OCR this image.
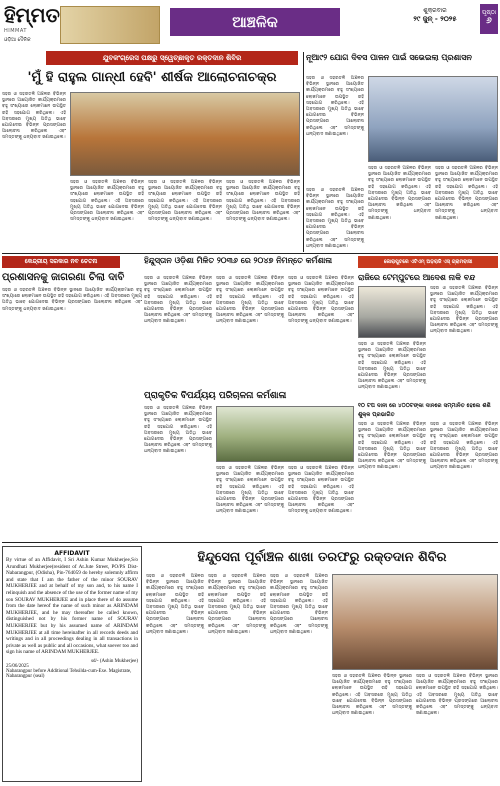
ହିମ୍ମତ
HIMMAT
ଓଡ଼ିଆ ଦୈନିକ
ଆଞ୍ଚଳିକ
ଶୁକ୍ରବାର
୨୯ ଜୁନ୍ - ୨୦୨୫
ପୃଷ୍ଠା
୬
ଯୁବକଂଗ୍ରେସ ପକ୍ଷରୁ ସ୍ୱେଚ୍ଛାକୃତ ରକ୍ତଦାନ ଶିବିର
'ମୁଁ ହି ରାହୁଲ ଗାନ୍ଧୀ ହେବି' ଶୀର୍ଷକ ଆଲୋଚନାଚକ୍ର
ସହର ଓ ସହରତଳି ଅଞ୍ଚଳର ବିଭିନ୍ନ ସ୍ଥାନରେ ଆୟୋଜିତ କାର୍ଯ୍ୟକ୍ରମରେ ବହୁ ସଂଖ୍ୟାରେ ଲୋକମାନେ ଉପସ୍ଥିତ ରହି ସହଯୋଗ କରିଥିଲେ। ଏହି ଅବସରରେ ମୁଖ୍ୟ ଅତିଥି ଭାବେ ଯୋଗଦେଇ ବିଭିନ୍ନ ପ୍ରସଙ୍ଗରେ ଆଲୋଚନା କରିଥିଲେ ଏବଂ ସମସ୍ତଙ୍କୁ ଧନ୍ୟବାଦ ଜଣାଇଥିଲେ।
ସହର ଓ ସହରତଳି ଅଞ୍ଚଳର ବିଭିନ୍ନ ସ୍ଥାନରେ ଆୟୋଜିତ କାର୍ଯ୍ୟକ୍ରମରେ ବହୁ ସଂଖ୍ୟାରେ ଲୋକମାନେ ଉପସ୍ଥିତ ରହି ସହଯୋଗ କରିଥିଲେ। ଏହି ଅବସରରେ ମୁଖ୍ୟ ଅତିଥି ଭାବେ ଯୋଗଦେଇ ବିଭିନ୍ନ ପ୍ରସଙ୍ଗରେ ଆଲୋଚନା କରିଥିଲେ ଏବଂ ସମସ୍ତଙ୍କୁ ଧନ୍ୟବାଦ ଜଣାଇଥିଲେ।
ସହର ଓ ସହରତଳି ଅଞ୍ଚଳର ବିଭିନ୍ନ ସ୍ଥାନରେ ଆୟୋଜିତ କାର୍ଯ୍ୟକ୍ରମରେ ବହୁ ସଂଖ୍ୟାରେ ଲୋକମାନେ ଉପସ୍ଥିତ ରହି ସହଯୋଗ କରିଥିଲେ। ଏହି ଅବସରରେ ମୁଖ୍ୟ ଅତିଥି ଭାବେ ଯୋଗଦେଇ ବିଭିନ୍ନ ପ୍ରସଙ୍ଗରେ ଆଲୋଚନା କରିଥିଲେ ଏବଂ ସମସ୍ତଙ୍କୁ ଧନ୍ୟବାଦ ଜଣାଇଥିଲେ।
ସହର ଓ ସହରତଳି ଅଞ୍ଚଳର ବିଭିନ୍ନ ସ୍ଥାନରେ ଆୟୋଜିତ କାର୍ଯ୍ୟକ୍ରମରେ ବହୁ ସଂଖ୍ୟାରେ ଲୋକମାନେ ଉପସ୍ଥିତ ରହି ସହଯୋଗ କରିଥିଲେ। ଏହି ଅବସରରେ ମୁଖ୍ୟ ଅତିଥି ଭାବେ ଯୋଗଦେଇ ବିଭିନ୍ନ ପ୍ରସଙ୍ଗରେ ଆଲୋଚନା କରିଥିଲେ ଏବଂ ସମସ୍ତଙ୍କୁ ଧନ୍ୟବାଦ ଜଣାଇଥିଲେ।
ନୂଆ୯୨ ଯୋଗ ଦିବସ ପାଳନ ପାଇଁ ସଭେଇଲା ପ୍ରଶାସନ
ସହର ଓ ସହରତଳି ଅଞ୍ଚଳର ବିଭିନ୍ନ ସ୍ଥାନରେ ଆୟୋଜିତ କାର୍ଯ୍ୟକ୍ରମରେ ବହୁ ସଂଖ୍ୟାରେ ଲୋକମାନେ ଉପସ୍ଥିତ ରହି ସହଯୋଗ କରିଥିଲେ। ଏହି ଅବସରରେ ମୁଖ୍ୟ ଅତିଥି ଭାବେ ଯୋଗଦେଇ ବିଭିନ୍ନ ପ୍ରସଙ୍ଗରେ ଆଲୋଚନା କରିଥିଲେ ଏବଂ ସମସ୍ତଙ୍କୁ ଧନ୍ୟବାଦ ଜଣାଇଥିଲେ।
ସହର ଓ ସହରତଳି ଅଞ୍ଚଳର ବିଭିନ୍ନ ସ୍ଥାନରେ ଆୟୋଜିତ କାର୍ଯ୍ୟକ୍ରମରେ ବହୁ ସଂଖ୍ୟାରେ ଲୋକମାନେ ଉପସ୍ଥିତ ରହି ସହଯୋଗ କରିଥିଲେ। ଏହି ଅବସରରେ ମୁଖ୍ୟ ଅତିଥି ଭାବେ ଯୋଗଦେଇ ବିଭିନ୍ନ ପ୍ରସଙ୍ଗରେ ଆଲୋଚନା କରିଥିଲେ ଏବଂ ସମସ୍ତଙ୍କୁ ଧନ୍ୟବାଦ ଜଣାଇଥିଲେ।
ସହର ଓ ସହରତଳି ଅଞ୍ଚଳର ବିଭିନ୍ନ ସ୍ଥାନରେ ଆୟୋଜିତ କାର୍ଯ୍ୟକ୍ରମରେ ବହୁ ସଂଖ୍ୟାରେ ଲୋକମାନେ ଉପସ୍ଥିତ ରହି ସହଯୋଗ କରିଥିଲେ। ଏହି ଅବସରରେ ମୁଖ୍ୟ ଅତିଥି ଭାବେ ଯୋଗଦେଇ ବିଭିନ୍ନ ପ୍ରସଙ୍ଗରେ ଆଲୋଚନା କରିଥିଲେ ଏବଂ ସମସ୍ତଙ୍କୁ ଧନ୍ୟବାଦ ଜଣାଇଥିଲେ।
ସହର ଓ ସହରତଳି ଅଞ୍ଚଳର ବିଭିନ୍ନ ସ୍ଥାନରେ ଆୟୋଜିତ କାର୍ଯ୍ୟକ୍ରମରେ ବହୁ ସଂଖ୍ୟାରେ ଲୋକମାନେ ଉପସ୍ଥିତ ରହି ସହଯୋଗ କରିଥିଲେ। ଏହି ଅବସରରେ ମୁଖ୍ୟ ଅତିଥି ଭାବେ ଯୋଗଦେଇ ବିଭିନ୍ନ ପ୍ରସଙ୍ଗରେ ଆଲୋଚନା କରିଥିଲେ ଏବଂ ସମସ୍ତଙ୍କୁ ଧନ୍ୟବାଦ ଜଣାଇଥିଲେ।
କେନ୍ଦ୍ରୀୟ ସରକାର ନବ ଚେତନା
ପ୍ରଶାସନକୁ ଜାଗରଣା ଚିଲା ଦାବି
ସହର ଓ ସହରତଳି ଅଞ୍ଚଳର ବିଭିନ୍ନ ସ୍ଥାନରେ ଆୟୋଜିତ କାର୍ଯ୍ୟକ୍ରମରେ ବହୁ ସଂଖ୍ୟାରେ ଲୋକମାନେ ଉପସ୍ଥିତ ରହି ସହଯୋଗ କରିଥିଲେ। ଏହି ଅବସରରେ ମୁଖ୍ୟ ଅତିଥି ଭାବେ ଯୋଗଦେଇ ବିଭିନ୍ନ ପ୍ରସଙ୍ଗରେ ଆଲୋଚନା କରିଥିଲେ ଏବଂ ସମସ୍ତଙ୍କୁ ଧନ୍ୟବାଦ ଜଣାଇଥିଲେ।
ହିନ୍ଦୁସ୍ତାନ ଓଡ଼ିଶା ମିଳିତ ୨୦୩୬ ରେ ୨୦୪୭ ନିମନ୍ତେ କର୍ମଶାଳା
ସହର ଓ ସହରତଳି ଅଞ୍ଚଳର ବିଭିନ୍ନ ସ୍ଥାନରେ ଆୟୋଜିତ କାର୍ଯ୍ୟକ୍ରମରେ ବହୁ ସଂଖ୍ୟାରେ ଲୋକମାନେ ଉପସ୍ଥିତ ରହି ସହଯୋଗ କରିଥିଲେ। ଏହି ଅବସରରେ ମୁଖ୍ୟ ଅତିଥି ଭାବେ ଯୋଗଦେଇ ବିଭିନ୍ନ ପ୍ରସଙ୍ଗରେ ଆଲୋଚନା କରିଥିଲେ ଏବଂ ସମସ୍ତଙ୍କୁ ଧନ୍ୟବାଦ ଜଣାଇଥିଲେ।
ସହର ଓ ସହରତଳି ଅଞ୍ଚଳର ବିଭିନ୍ନ ସ୍ଥାନରେ ଆୟୋଜିତ କାର୍ଯ୍ୟକ୍ରମରେ ବହୁ ସଂଖ୍ୟାରେ ଲୋକମାନେ ଉପସ୍ଥିତ ରହି ସହଯୋଗ କରିଥିଲେ। ଏହି ଅବସରରେ ମୁଖ୍ୟ ଅତିଥି ଭାବେ ଯୋଗଦେଇ ବିଭିନ୍ନ ପ୍ରସଙ୍ଗରେ ଆଲୋଚନା କରିଥିଲେ ଏବଂ ସମସ୍ତଙ୍କୁ ଧନ୍ୟବାଦ ଜଣାଇଥିଲେ।
ସହର ଓ ସହରତଳି ଅଞ୍ଚଳର ବିଭିନ୍ନ ସ୍ଥାନରେ ଆୟୋଜିତ କାର୍ଯ୍ୟକ୍ରମରେ ବହୁ ସଂଖ୍ୟାରେ ଲୋକମାନେ ଉପସ୍ଥିତ ରହି ସହଯୋଗ କରିଥିଲେ। ଏହି ଅବସରରେ ମୁଖ୍ୟ ଅତିଥି ଭାବେ ଯୋଗଦେଇ ବିଭିନ୍ନ ପ୍ରସଙ୍ଗରେ ଆଲୋଚନା କରିଥିଲେ ଏବଂ ସମସ୍ତଙ୍କୁ ଧନ୍ୟବାଦ ଜଣାଇଥିଲେ।
କୋରାପୁଟରେ ଏଟିଏମ୍ ଅଡ଼ରାଜି ଏସ୍ ଗ୍ରାମବାସୀ
ରାଜିରେ ଟେମ୍ପୁଟରେ ଆଦେଶ ନାକି ବନ୍ଦ
ସହର ଓ ସହରତଳି ଅଞ୍ଚଳର ବିଭିନ୍ନ ସ୍ଥାନରେ ଆୟୋଜିତ କାର୍ଯ୍ୟକ୍ରମରେ ବହୁ ସଂଖ୍ୟାରେ ଲୋକମାନେ ଉପସ୍ଥିତ ରହି ସହଯୋଗ କରିଥିଲେ। ଏହି ଅବସରରେ ମୁଖ୍ୟ ଅତିଥି ଭାବେ ଯୋଗଦେଇ ବିଭିନ୍ନ ପ୍ରସଙ୍ଗରେ ଆଲୋଚନା କରିଥିଲେ ଏବଂ ସମସ୍ତଙ୍କୁ ଧନ୍ୟବାଦ ଜଣାଇଥିଲେ।
ସହର ଓ ସହରତଳି ଅଞ୍ଚଳର ବିଭିନ୍ନ ସ୍ଥାନରେ ଆୟୋଜିତ କାର୍ଯ୍ୟକ୍ରମରେ ବହୁ ସଂଖ୍ୟାରେ ଲୋକମାନେ ଉପସ୍ଥିତ ରହି ସହଯୋଗ କରିଥିଲେ। ଏହି ଅବସରରେ ମୁଖ୍ୟ ଅତିଥି ଭାବେ ଯୋଗଦେଇ ବିଭିନ୍ନ ପ୍ରସଙ୍ଗରେ ଆଲୋଚନା କରିଥିଲେ ଏବଂ ସମସ୍ତଙ୍କୁ ଧନ୍ୟବାଦ ଜଣାଇଥିଲେ।
ପ୍ରାକୃତିକ ବିପର୍ଯ୍ୟୟ ପରିଚାଳନା କର୍ମଶାଳା
ସହର ଓ ସହରତଳି ଅଞ୍ଚଳର ବିଭିନ୍ନ ସ୍ଥାନରେ ଆୟୋଜିତ କାର୍ଯ୍ୟକ୍ରମରେ ବହୁ ସଂଖ୍ୟାରେ ଲୋକମାନେ ଉପସ୍ଥିତ ରହି ସହଯୋଗ କରିଥିଲେ। ଏହି ଅବସରରେ ମୁଖ୍ୟ ଅତିଥି ଭାବେ ଯୋଗଦେଇ ବିଭିନ୍ନ ପ୍ରସଙ୍ଗରେ ଆଲୋଚନା କରିଥିଲେ ଏବଂ ସମସ୍ତଙ୍କୁ ଧନ୍ୟବାଦ ଜଣାଇଥିଲେ।
ସହର ଓ ସହରତଳି ଅଞ୍ଚଳର ବିଭିନ୍ନ ସ୍ଥାନରେ ଆୟୋଜିତ କାର୍ଯ୍ୟକ୍ରମରେ ବହୁ ସଂଖ୍ୟାରେ ଲୋକମାନେ ଉପସ୍ଥିତ ରହି ସହଯୋଗ କରିଥିଲେ। ଏହି ଅବସରରେ ମୁଖ୍ୟ ଅତିଥି ଭାବେ ଯୋଗଦେଇ ବିଭିନ୍ନ ପ୍ରସଙ୍ଗରେ ଆଲୋଚନା କରିଥିଲେ ଏବଂ ସମସ୍ତଙ୍କୁ ଧନ୍ୟବାଦ ଜଣାଇଥିଲେ।
ସହର ଓ ସହରତଳି ଅଞ୍ଚଳର ବିଭିନ୍ନ ସ୍ଥାନରେ ଆୟୋଜିତ କାର୍ଯ୍ୟକ୍ରମରେ ବହୁ ସଂଖ୍ୟାରେ ଲୋକମାନେ ଉପସ୍ଥିତ ରହି ସହଯୋଗ କରିଥିଲେ। ଏହି ଅବସରରେ ମୁଖ୍ୟ ଅତିଥି ଭାବେ ଯୋଗଦେଇ ବିଭିନ୍ନ ପ୍ରସଙ୍ଗରେ ଆଲୋଚନା କରିଥିଲେ ଏବଂ ସମସ୍ତଙ୍କୁ ଧନ୍ୟବାଦ ଜଣାଇଥିଲେ।
୧୦ ଟପ ଦାନୀ ରେ ୪୦୦ଟଙ୍କା ଦାନରେ ସମ୍ମାନିତ ହେଲେ ଶଶି ଶୁକ୍ଳ ପ୍ରଭାଗିତ
ସହର ଓ ସହରତଳି ଅଞ୍ଚଳର ବିଭିନ୍ନ ସ୍ଥାନରେ ଆୟୋଜିତ କାର୍ଯ୍ୟକ୍ରମରେ ବହୁ ସଂଖ୍ୟାରେ ଲୋକମାନେ ଉପସ୍ଥିତ ରହି ସହଯୋଗ କରିଥିଲେ। ଏହି ଅବସରରେ ମୁଖ୍ୟ ଅତିଥି ଭାବେ ଯୋଗଦେଇ ବିଭିନ୍ନ ପ୍ରସଙ୍ଗରେ ଆଲୋଚନା କରିଥିଲେ ଏବଂ ସମସ୍ତଙ୍କୁ ଧନ୍ୟବାଦ ଜଣାଇଥିଲେ।
ସହର ଓ ସହରତଳି ଅଞ୍ଚଳର ବିଭିନ୍ନ ସ୍ଥାନରେ ଆୟୋଜିତ କାର୍ଯ୍ୟକ୍ରମରେ ବହୁ ସଂଖ୍ୟାରେ ଲୋକମାନେ ଉପସ୍ଥିତ ରହି ସହଯୋଗ କରିଥିଲେ। ଏହି ଅବସରରେ ମୁଖ୍ୟ ଅତିଥି ଭାବେ ଯୋଗଦେଇ ବିଭିନ୍ନ ପ୍ରସଙ୍ଗରେ ଆଲୋଚନା କରିଥିଲେ ଏବଂ ସମସ୍ତଙ୍କୁ ଧନ୍ୟବାଦ ଜଣାଇଥିଲେ।
AFFIDAVIT
By virtue of an Affidavit, I Sri Ashin Kumar Mukherjee,S/o Arundhati Mukherjee(resident of At.Jute Street, PO/PS Dist-Nabarangpur, (Odisha), Pin-764059 do hereby solemnly affirm and state that I am the father of the minor SOURAV MUKHERJEE and at behalf of my son and, to his name I relinquish and the absence of the use of the former name of my son SOURAV MUKHERJEE and in place there of do assume from the date hereof the name of such minor as ARINDAM MUKHERJEE, and he may thereafter be called known, distinguished not by his former name of SOURAV MUKHERJEE but by his assumed name of ARINDAM MUKHERJEE at all time hereinafter in all records deeds and writings and in all proceedings dealing in all transactions in private as well as public and all occasions, what soever too and sign his name of ARINDAM MUKHERJEE.
sd/- (Ashin Mukherjee)
25/06/2025
Nabarangpur before Additional Tehsilda-cum-Exe. Magistrate, Nabarangpur (seal)
ହିନ୍ଦୁସେନା ପୂର୍ବାଞ୍ଚଳ ଶାଖା ତରଫରୁ ରକ୍ତଦାନ ଶିବିର
ସହର ଓ ସହରତଳି ଅଞ୍ଚଳର ବିଭିନ୍ନ ସ୍ଥାନରେ ଆୟୋଜିତ କାର୍ଯ୍ୟକ୍ରମରେ ବହୁ ସଂଖ୍ୟାରେ ଲୋକମାନେ ଉପସ୍ଥିତ ରହି ସହଯୋଗ କରିଥିଲେ। ଏହି ଅବସରରେ ମୁଖ୍ୟ ଅତିଥି ଭାବେ ଯୋଗଦେଇ ବିଭିନ୍ନ ପ୍ରସଙ୍ଗରେ ଆଲୋଚନା କରିଥିଲେ ଏବଂ ସମସ୍ତଙ୍କୁ ଧନ୍ୟବାଦ ଜଣାଇଥିଲେ।
ସହର ଓ ସହରତଳି ଅଞ୍ଚଳର ବିଭିନ୍ନ ସ୍ଥାନରେ ଆୟୋଜିତ କାର୍ଯ୍ୟକ୍ରମରେ ବହୁ ସଂଖ୍ୟାରେ ଲୋକମାନେ ଉପସ୍ଥିତ ରହି ସହଯୋଗ କରିଥିଲେ। ଏହି ଅବସରରେ ମୁଖ୍ୟ ଅତିଥି ଭାବେ ଯୋଗଦେଇ ବିଭିନ୍ନ ପ୍ରସଙ୍ଗରେ ଆଲୋଚନା କରିଥିଲେ ଏବଂ ସମସ୍ତଙ୍କୁ ଧନ୍ୟବାଦ ଜଣାଇଥିଲେ।
ସହର ଓ ସହରତଳି ଅଞ୍ଚଳର ବିଭିନ୍ନ ସ୍ଥାନରେ ଆୟୋଜିତ କାର୍ଯ୍ୟକ୍ରମରେ ବହୁ ସଂଖ୍ୟାରେ ଲୋକମାନେ ଉପସ୍ଥିତ ରହି ସହଯୋଗ କରିଥିଲେ। ଏହି ଅବସରରେ ମୁଖ୍ୟ ଅତିଥି ଭାବେ ଯୋଗଦେଇ ବିଭିନ୍ନ ପ୍ରସଙ୍ଗରେ ଆଲୋଚନା କରିଥିଲେ ଏବଂ ସମସ୍ତଙ୍କୁ ଧନ୍ୟବାଦ ଜଣାଇଥିଲେ।
ସହର ଓ ସହରତଳି ଅଞ୍ଚଳର ବିଭିନ୍ନ ସ୍ଥାନରେ ଆୟୋଜିତ କାର୍ଯ୍ୟକ୍ରମରେ ବହୁ ସଂଖ୍ୟାରେ ଲୋକମାନେ ଉପସ୍ଥିତ ରହି ସହଯୋଗ କରିଥିଲେ। ଏହି ଅବସରରେ ମୁଖ୍ୟ ଅତିଥି ଭାବେ ଯୋଗଦେଇ ବିଭିନ୍ନ ପ୍ରସଙ୍ଗରେ ଆଲୋଚନା କରିଥିଲେ ଏବଂ ସମସ୍ତଙ୍କୁ ଧନ୍ୟବାଦ ଜଣାଇଥିଲେ।
ସହର ଓ ସହରତଳି ଅଞ୍ଚଳର ବିଭିନ୍ନ ସ୍ଥାନରେ ଆୟୋଜିତ କାର୍ଯ୍ୟକ୍ରମରେ ବହୁ ସଂଖ୍ୟାରେ ଲୋକମାନେ ଉପସ୍ଥିତ ରହି ସହଯୋଗ କରିଥିଲେ। ଏହି ଅବସରରେ ମୁଖ୍ୟ ଅତିଥି ଭାବେ ଯୋଗଦେଇ ବିଭିନ୍ନ ପ୍ରସଙ୍ଗରେ ଆଲୋଚନା କରିଥିଲେ ଏବଂ ସମସ୍ତଙ୍କୁ ଧନ୍ୟବାଦ ଜଣାଇଥିଲେ।
